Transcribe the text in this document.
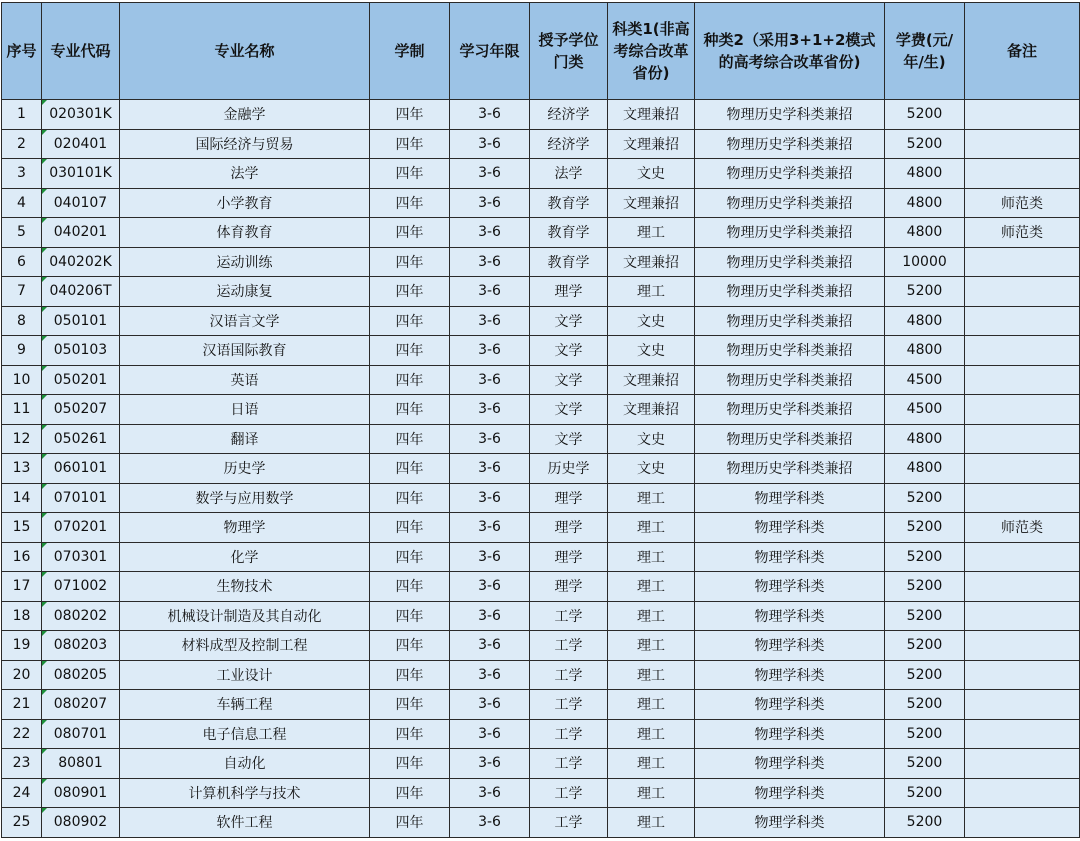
序号	专业代码	专业名称	学制	学习年限	授予学位门类	科类1(非高考综合改革省份)	种类2（采用3+1+2模式的高考综合改革省份)	学费(元/年/生)	备注
1	020301K	金融学	四年	3-6	经济学	文理兼招	物理历史学科类兼招	5200	
2	020401	国际经济与贸易	四年	3-6	经济学	文理兼招	物理历史学科类兼招	5200	
3	030101K	法学	四年	3-6	法学	文史	物理历史学科类兼招	4800	
4	040107	小学教育	四年	3-6	教育学	文理兼招	物理历史学科类兼招	4800	师范类
5	040201	体育教育	四年	3-6	教育学	理工	物理历史学科类兼招	4800	师范类
6	040202K	运动训练	四年	3-6	教育学	文理兼招	物理历史学科类兼招	10000	
7	040206T	运动康复	四年	3-6	理学	理工	物理历史学科类兼招	5200	
8	050101	汉语言文学	四年	3-6	文学	文史	物理历史学科类兼招	4800	
9	050103	汉语国际教育	四年	3-6	文学	文史	物理历史学科类兼招	4800	
10	050201	英语	四年	3-6	文学	文理兼招	物理历史学科类兼招	4500	
11	050207	日语	四年	3-6	文学	文理兼招	物理历史学科类兼招	4500	
12	050261	翻译	四年	3-6	文学	文史	物理历史学科类兼招	4800	
13	060101	历史学	四年	3-6	历史学	文史	物理历史学科类兼招	4800	
14	070101	数学与应用数学	四年	3-6	理学	理工	物理学科类	5200	
15	070201	物理学	四年	3-6	理学	理工	物理学科类	5200	师范类
16	070301	化学	四年	3-6	理学	理工	物理学科类	5200	
17	071002	生物技术	四年	3-6	理学	理工	物理学科类	5200	
18	080202	机械设计制造及其自动化	四年	3-6	工学	理工	物理学科类	5200	
19	080203	材料成型及控制工程	四年	3-6	工学	理工	物理学科类	5200	
20	080205	工业设计	四年	3-6	工学	理工	物理学科类	5200	
21	080207	车辆工程	四年	3-6	工学	理工	物理学科类	5200	
22	080701	电子信息工程	四年	3-6	工学	理工	物理学科类	5200	
23	80801	自动化	四年	3-6	工学	理工	物理学科类	5200	
24	080901	计算机科学与技术	四年	3-6	工学	理工	物理学科类	5200	
25	080902	软件工程	四年	3-6	工学	理工	物理学科类	5200	
